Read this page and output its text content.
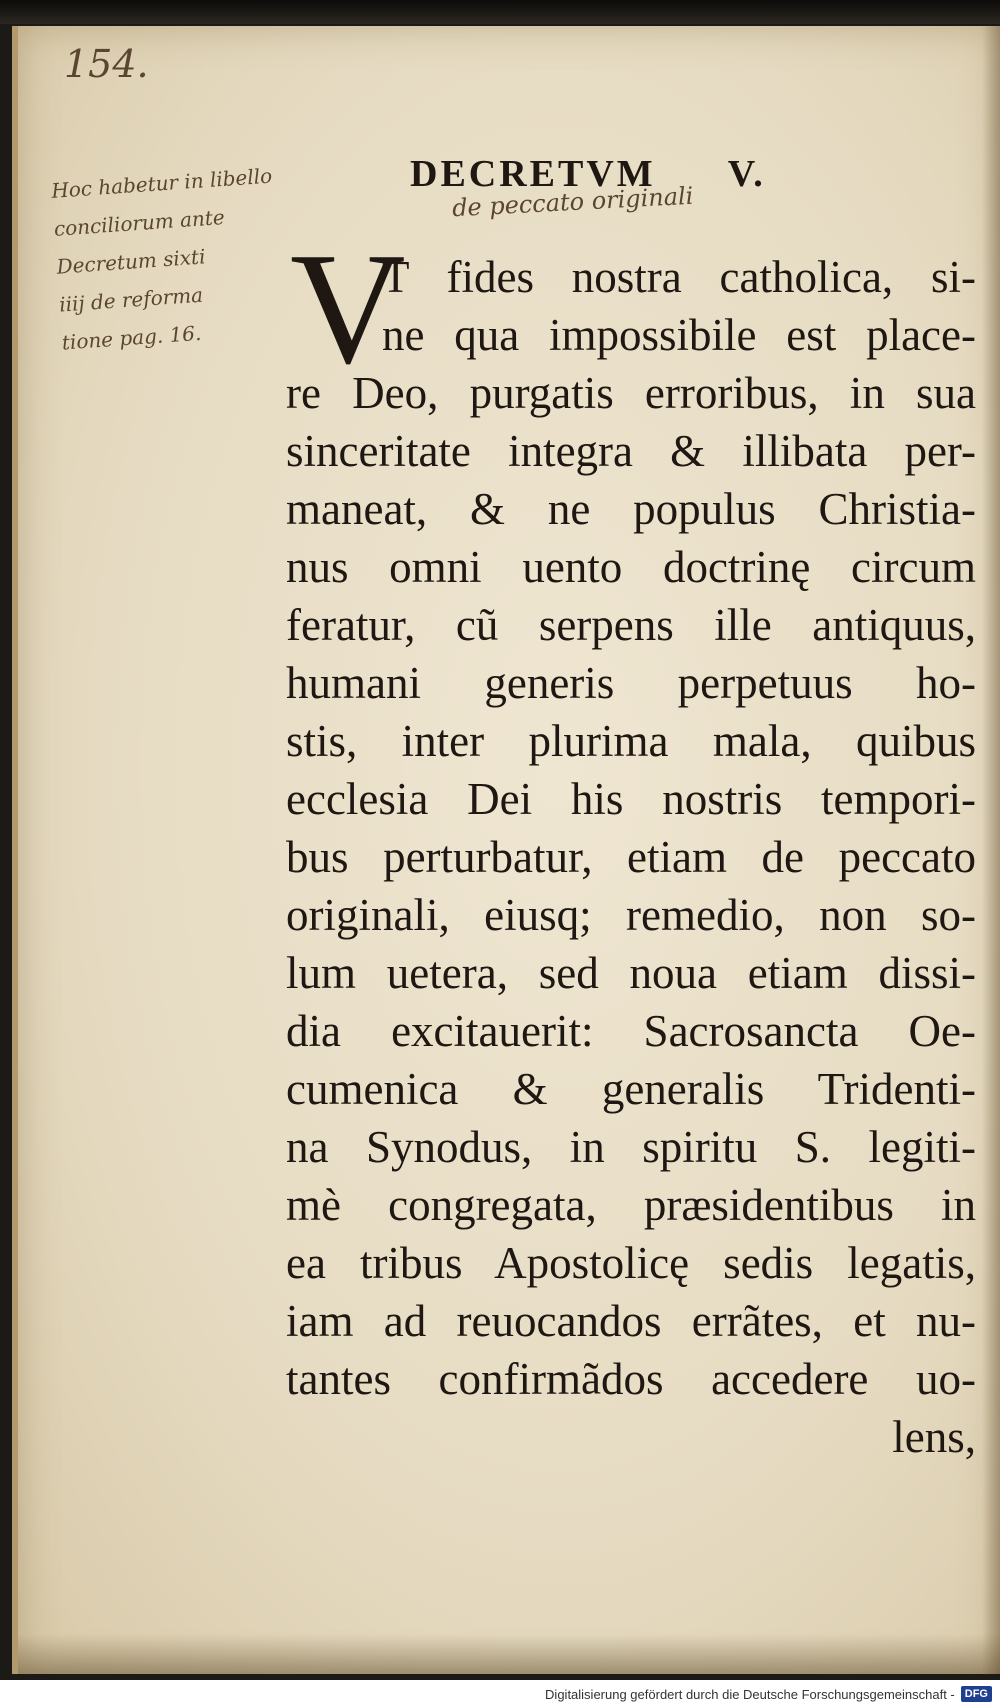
154.
Hoc habetur in libello
conciliorum ante
Decretum sixti
iiij de reforma
tione pag. 16.
DECRETVM V.
de peccato originali
V
T fides nostra catholica, si-
ne qua impossibile est place-
re Deo, purgatis erroribus, in sua
sinceritate integra & illibata per-
maneat, & ne populus Christia-
nus omni uento doctrinę circum
feratur, cũ serpens ille antiquus,
humani generis perpetuus ho-
stis, inter plurima mala, quibus
ecclesia Dei his nostris tempori-
bus perturbatur, etiam de peccato
originali, eiusq; remedio, non so-
lum uetera, sed noua etiam dissi-
dia excitauerit: Sacrosancta Oe-
cumenica & generalis Tridenti-
na Synodus, in spiritu S. legiti-
mè congregata, præsidentibus in
ea tribus Apostolicę sedis legatis,
iam ad reuocandos errãtes, et nu-
tantes confirmãdos accedere uo-
lens,
Digitalisierung gefördert durch die Deutsche Forschungsgemeinschaft - DFG
